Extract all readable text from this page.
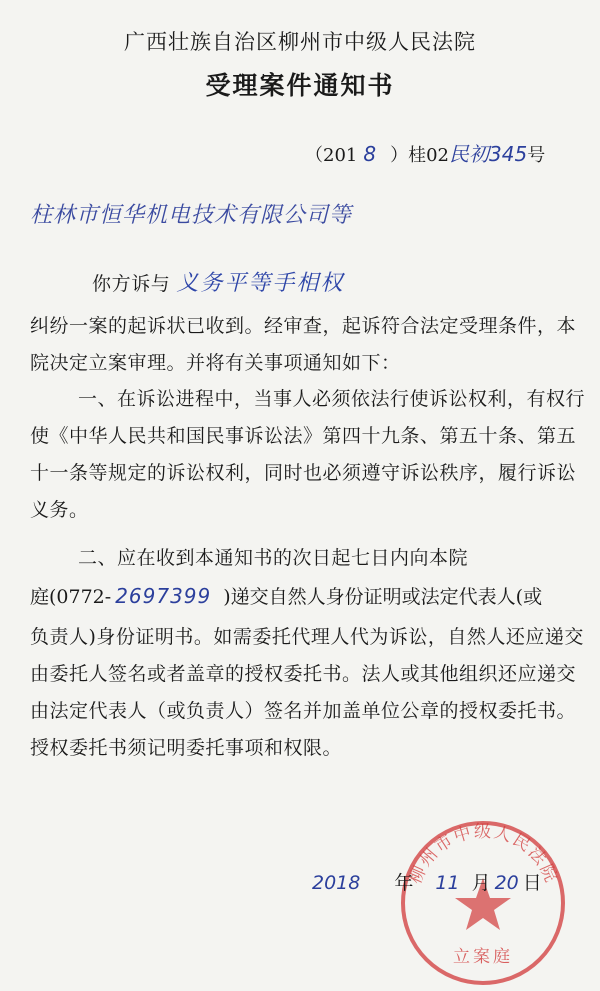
广西壮族自治区柳州市中级人民法院
受理案件通知书
（201 8 ）桂02民初345号
柱林市恒华机电技术有限公司等
你方诉与 义务平等手相权
纠纷一案的起诉状已收到。经审查，起诉符合法定受理条件，本院决定立案审理。并将有关事项通知如下：
一、在诉讼进程中，当事人必须依法行使诉讼权利，有权行使《中华人民共和国民事诉讼法》第四十九条、第五十条、第五十一条等规定的诉讼权利，同时也必须遵守诉讼秩序，履行诉讼义务。
二、应在收到本通知书的次日起七日内向本院
庭(0772- 2697399 )递交自然人身份证明或法定代表人(或
负责人)身份证明书。如需委托代理人代为诉讼，自然人还应递交由委托人签名或者盖章的授权委托书。法人或其他组织还应递交由法定代表人（或负责人）签名并加盖单位公章的授权委托书。授权委托书须记明委托事项和权限。
柳州市中级人民法院
立案庭
2018 年 11 月 20 日
